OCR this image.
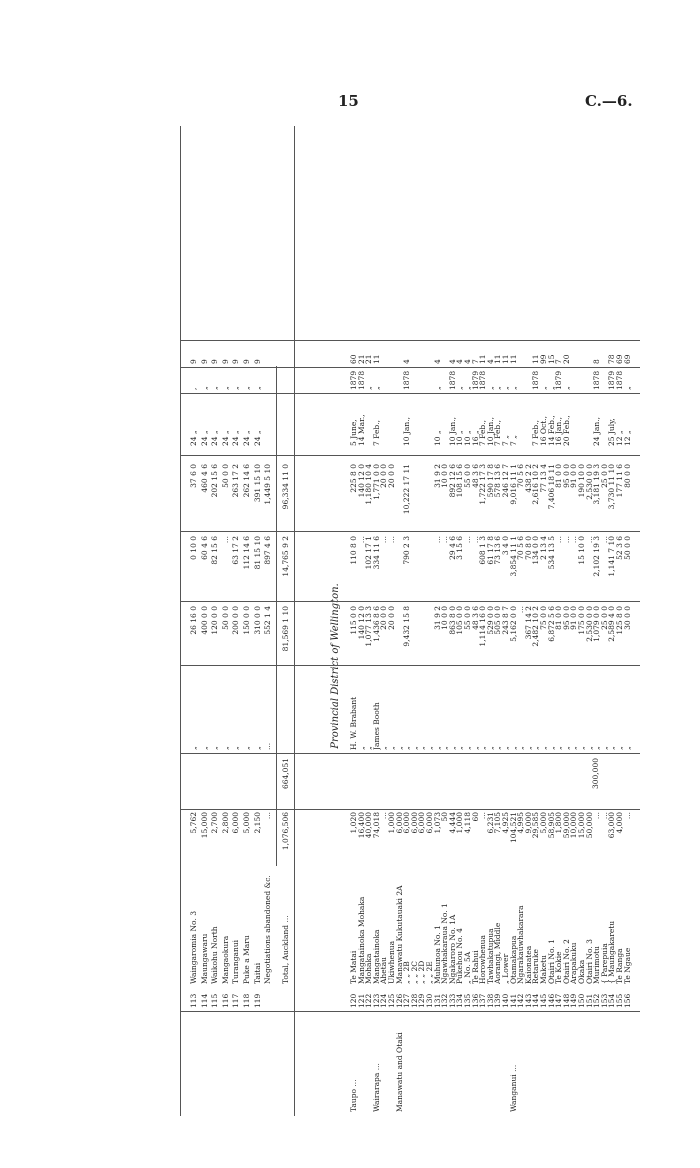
15	C.—6.
113
Waingaromia No. 3
5,762
„
26 16 0
0 10 0
37 6 0
24 „
,
9
114
Maungawaru
15,000
„
400 0 0
60 4 6
460 4 6
24 „
„
9
115
Waikohu North
2,700
„
120 0 0
82 15 6
202 15 6
24 „
„
9
116
Mangaokura
2,800
„
50 0 0
...
50 0 0
24 „
„
9
117
Turanganui
6,000
„
200 0 0
63 17 2
263 17 2
24 „
„
9
118
Puke a Maru
5,000
„
150 0 0
112 14 6
262 14 6
24 „
„
9
119
Taitai
2,150
„
310 0 0
81 15 10
391 15 10
24 „
„
9
Negotiations abandoned &c.
...
...
552 1 4
897 4 6
1,449 5 10
Total, Auckland ...
1,076,506
664,051
81,569 1 10
14,765 9 2
96,334 11 0
Provincial District of Wellington.
Taupo ...
120
Te Matai
1,020
H. W. Brabant
115 0 0
110 8 0
225 8 0
5 June,
1879
60
121
Mangatainoka Mohaka
16,400
„
140 12 0
...
140 12 0
14 Mar.,
1878
21
122
Mohaka
40,000
„
1,077 13 3
102 17 1
1,180 10 4
„
21
Wairarapa ...
123
Mangatainoka
74,018
James Booth
1,436 8 6
334 11 6
1,771 0 0
7 Feb.,
„
11
124
Ahetau
...
„
20 0 0
...
20 0 0
125
Ukiwhenua
1,000
„
20 0 0
...
20 0 0
Manawatu and Otaki
126
Manawatu Kukutauaki 2A
6,000
„
127
„ „ 2B
6,000
„
9,432 15 8
790 2 3
10,222 17 11
10 Jan.,
1878
4
128
„ „ 2C
6,000
„
129
„ „ 2D
6,000
„
130
„ „ 2E
6,000
„
131
Muhunoa No. 1
1,073
„
31 9 2
...
31 9 2
10 „
„
4
132
Ngawhakaraua No. 1
50
„
10 0 0
...
10 0 0
133
Ngakaroro No. 1A
4,444
„
863 8 0
29 4 6
892 12 6
10 Jan.,
1878
4
134
Pukehou No. 4
1,000
„
105 0 0
3 15 6
108 15 6
10 „
„
4
135
„ No. 5A
4,118
„
55 0 0
...
55 0 0
10 „
„
4
136
Te Rahui
60
„
48 3 6
...
48 3 6
16 „
1879
7
137
Horowhenua
...
„
1,114 16 0
608 1 3
1,722 17 3
7 Feb.,
1878
11
138
Tawhakatupua
6,231
„
529 0 0
61 17 8
590 17 8
10 Jan.,
„
4
139
Aorangi, Middle
7,105
„
505 0 0
73 13 6
578 13 6
7 Feb.,
„
11
140
„ Lower
4,925
„
243 8 7
3 4 0
246 12 7
7 „
„
11
Wanganui ...
141
Otamakapua
104,521
„
5,162 0 0
3,854 11 1
9,016 11 1
7 „
„
11
142
Ngarakauwhakarara
4,995
„
...
70 5 6
70 5 6
143
Kaionatea
9,000
„
367 14 2
70 8 0
438 2 2
144
Retaruke
29,585
„
2,482 10 2
134 0 0
2,616 10 2
7 Feb.,
1878
11
145
Maketu
5,000
„
75 0 0
2 13 4
77 13 4
16 Oct.,
„
99
146
Otairi No. 1
58,905
„
6,872 5 6
534 13 5
7,406 18 11
14 Feb.,
„
15
147
Te Kokie
1,800
„
81 0 0
...
81 0 0
16 Jan.,
1879
7
148
Otairi No. 2
59,000
„
95 0 0
...
95 0 0
20 Feb.,
„
20
149
Arapakuku
10,000
„
91 0 0
...
91 0 0
150
Okaka
15,000
„
175 0 0
15 10 0
190 10 0
151
Otairi No. 3
50,000
„
2,530 0 0
...
2,530 0 0
152
Murimotu
...
„
1,079 0 0
2,102 19 3
3,181 19 3
24 Jan.,
1878
8
153
{ Parepuia
...
„
25 0 0
...
25 0 0
154
{ Maungakaretu
63,000
„
2,589 4 0
1,141 7 10
3,730 11 10
25 July,
1879
78
155
Te Ranga
4,000
„
125 8 0
52 3 6
177 11 6
12 „
1878
69
156
Te Ngaue
...
„
30 0 0
50 0 0
80 0 0
12 „
„
69
300,000
